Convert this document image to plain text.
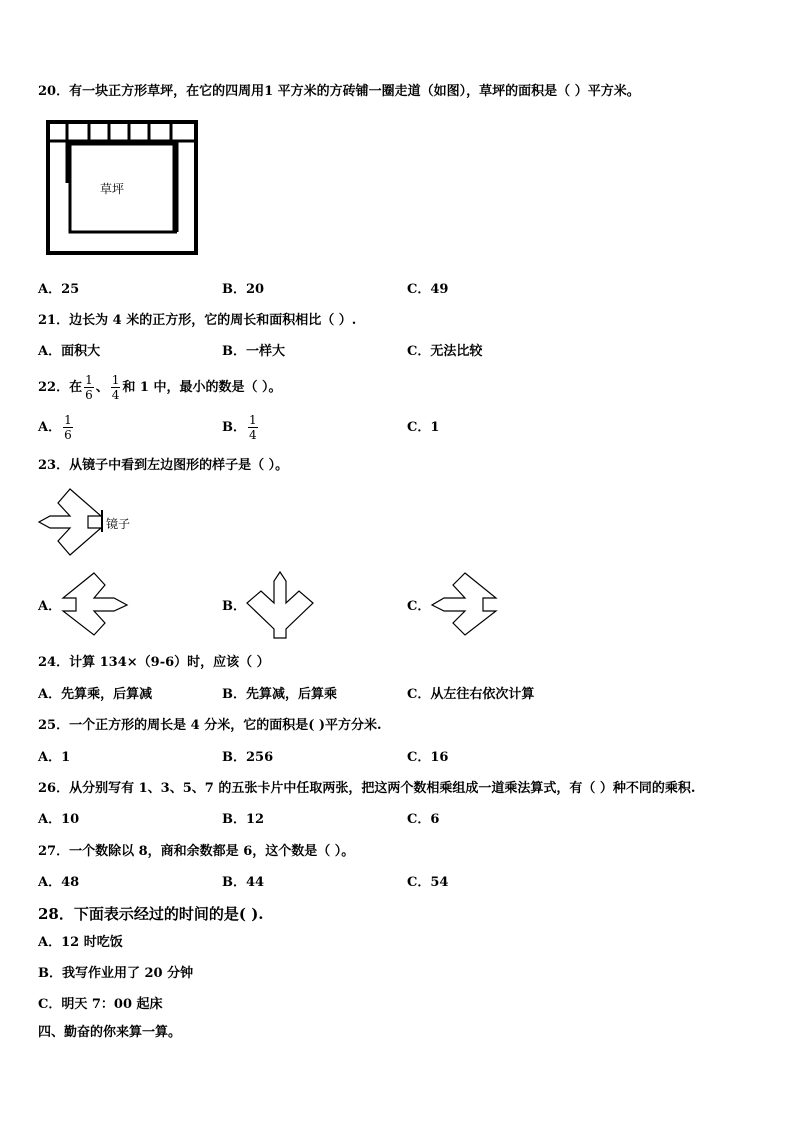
20．有一块正方形草坪，在它的四周用1 平方米的方砖铺一圈走道（如图），草坪的面积是（ ）平方米。
草坪
A．25	B．20	C．49
21．边长为 4 米的正方形，它的周长和面积相比（ ）.
A．面积大	B．一样大	C．无法比较
22．在 $\frac{1}{6}$ 、 $\frac{1}{4}$ 和 1 中，最小的数是（ ）。
A． $\frac{1}{6}$	B． $\frac{1}{4}$	C．1
23．从镜子中看到左边图形的样子是（ ）。
镜子
A．	B．	C．
24．计算 134×（9-6）时，应该（ ）
A．先算乘，后算减	B．先算减，后算乘	C．从左往右依次计算
25．一个正方形的周长是 4 分米，它的面积是( )平方分米.
A．1	B．256	C．16
26．从分别写有 1、3、5、7 的五张卡片中任取两张，把这两个数相乘组成一道乘法算式，有（ ）种不同的乘积.
A．10	B．12	C．6
27．一个数除以 8，商和余数都是 6，这个数是（ ）。
A．48	B．44	C．54
28．下面表示经过的时间的是( ).
A．12 时吃饭
B．我写作业用了 20 分钟
C．明天 7：00 起床
四、勤奋的你来算一算。
